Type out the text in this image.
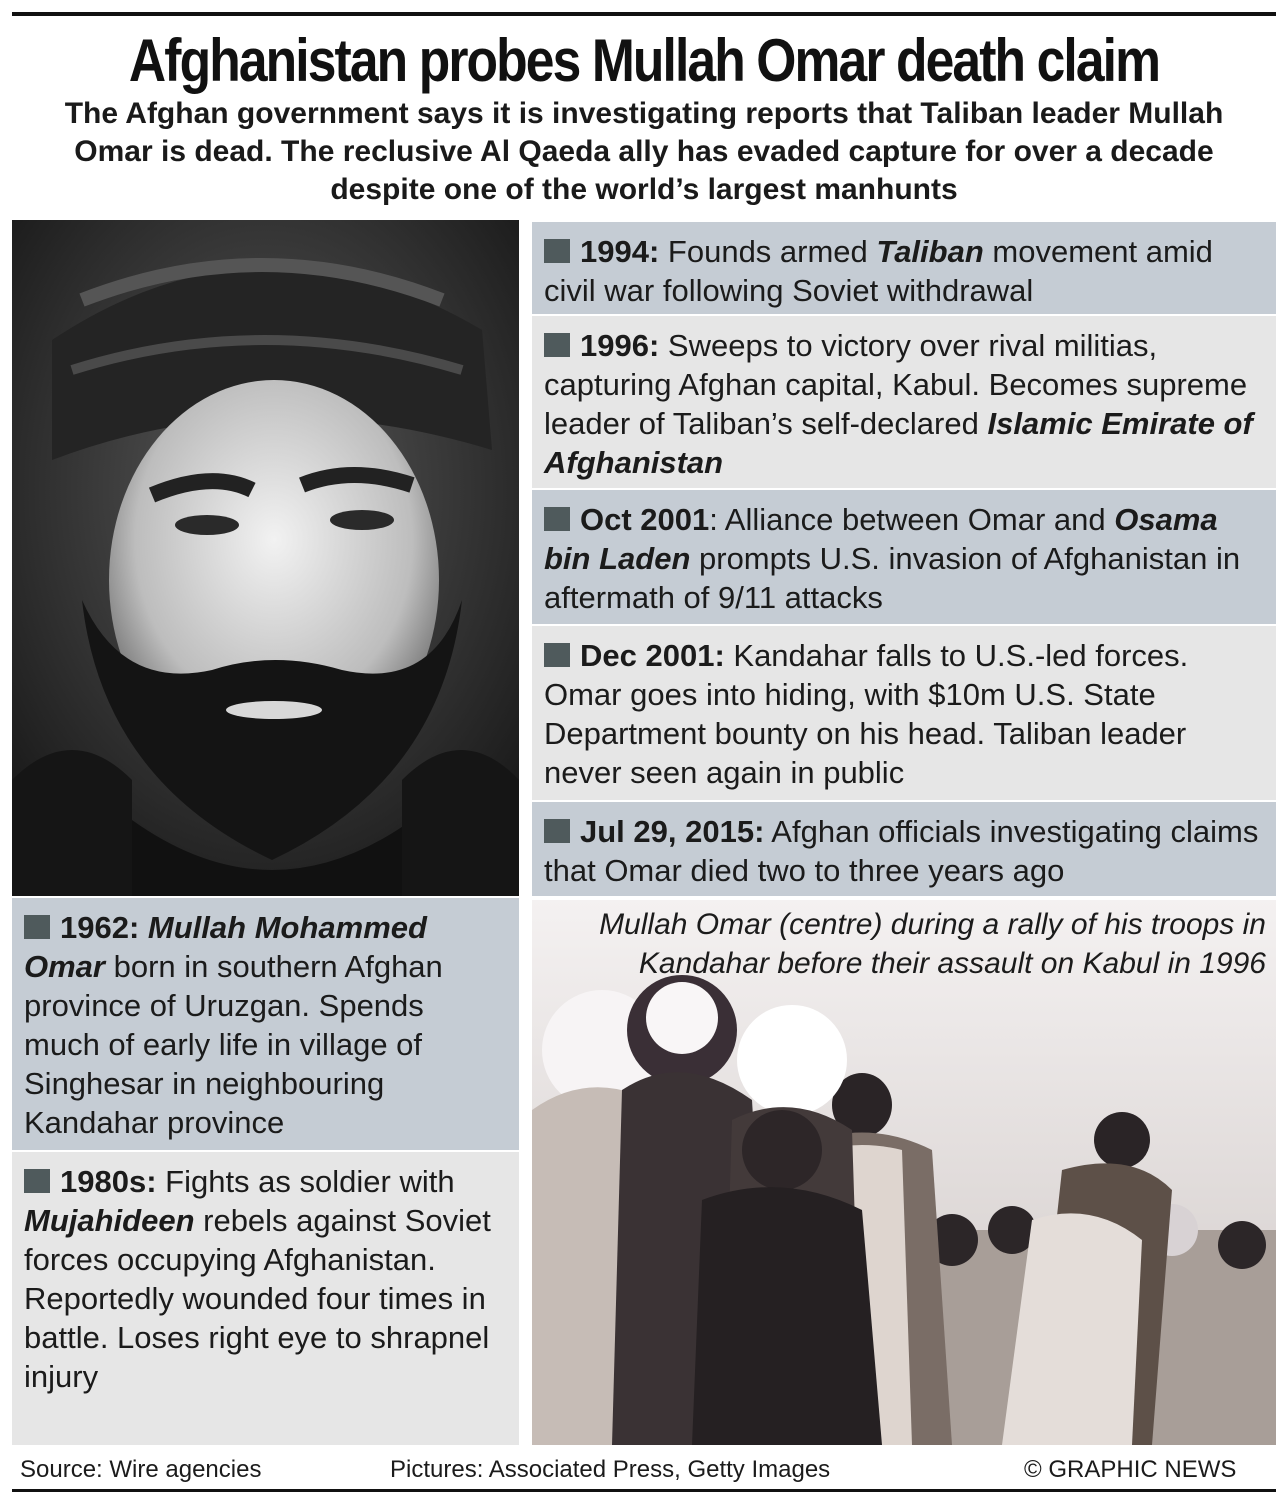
Afghanistan probes Mullah Omar death claim

The Afghan government says it is investigating reports that Taliban leader Mullah Omar is dead. The reclusive Al Qaeda ally has evaded capture for over a decade despite one of the world’s largest manhunts

1994: Founds armed Taliban movement amid civil war following Soviet withdrawal
1996: Sweeps to victory over rival militias, capturing Afghan capital, Kabul. Becomes supreme leader of Taliban’s self-declared Islamic Emirate of Afghanistan
Oct 2001: Alliance between Omar and Osama bin Laden prompts U.S. invasion of Afghanistan in aftermath of 9/11 attacks
Dec 2001: Kandahar falls to U.S.-led forces. Omar goes into hiding, with $10m U.S. State Department bounty on his head. Taliban leader never seen again in public
Jul 29, 2015: Afghan officials investigating claims that Omar died two to three years ago
1962: Mullah Mohammed Omar born in southern Afghan province of Uruzgan. Spends much of early life in village of Singhesar in neighbouring Kandahar province
1980s: Fights as soldier with Mujahideen rebels against Soviet forces occupying Afghanistan. Reportedly wounded four times in battle. Loses right eye to shrapnel injury

Mullah Omar (centre) during a rally of his troops in Kandahar before their assault on Kabul in 1996

Source: Wire agencies	Pictures: Associated Press, Getty Images	© GRAPHIC NEWS
